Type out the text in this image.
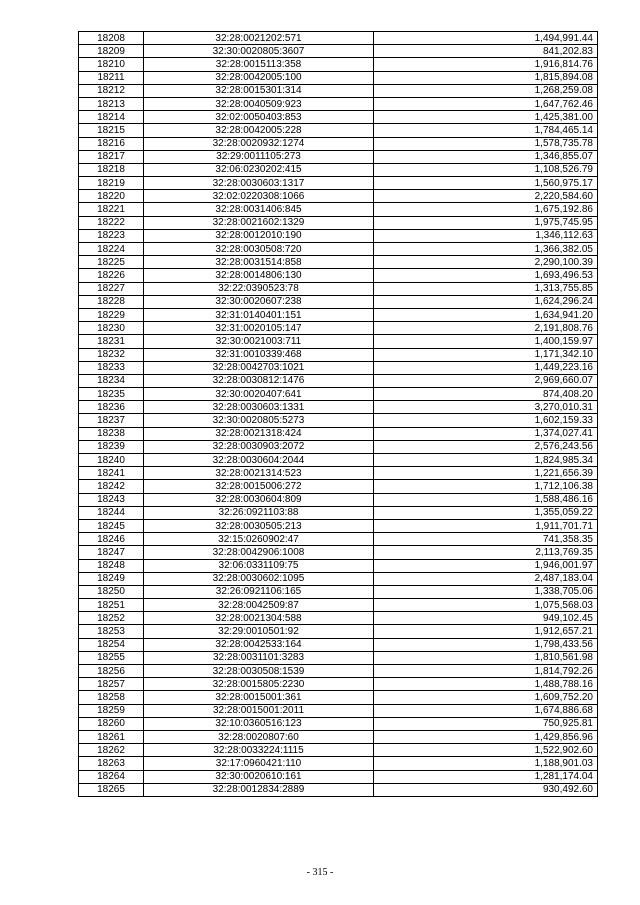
18208	32:28:0021202:571	1,494,991.44
18209	32:30:0020805:3607	841,202.83
18210	32:28:0015113:358	1,916,814.76
18211	32:28:0042005:100	1,815,894.08
18212	32:28:0015301:314	1,268,259.08
18213	32:28:0040509:923	1,647,762.46
18214	32:02:0050403:853	1,425,381.00
18215	32:28:0042005:228	1,784,465.14
18216	32:28:0020932:1274	1,578,735.78
18217	32:29:0011105:273	1,346,855.07
18218	32:06:0230202:415	1,108,526.79
18219	32:28:0030603:1317	1,560,975.17
18220	32:02:0220308:1066	2,220,584.60
18221	32:28:0031406:845	1,675,192.86
18222	32:28:0021602:1329	1,975,745.95
18223	32:28:0012010:190	1,346,112.63
18224	32:28:0030508:720	1,366,382.05
18225	32:28:0031514:858	2,290,100.39
18226	32:28:0014806:130	1,693,496.53
18227	32:22:0390523:78	1,313,755.85
18228	32:30:0020607:238	1,624,296.24
18229	32:31:0140401:151	1,634,941.20
18230	32:31:0020105:147	2,191,808.76
18231	32:30:0021003:711	1,400,159.97
18232	32:31:0010339:468	1,171,342.10
18233	32:28:0042703:1021	1,449,223.16
18234	32:28:0030812:1476	2,969,660.07
18235	32:30:0020407:641	874,408.20
18236	32:28:0030603:1331	3,270,010.31
18237	32:30:0020805:5273	1,602,159.33
18238	32:28:0021318:424	1,374,027.41
18239	32:28:0030903:2072	2,576,243.56
18240	32:28:0030604:2044	1,824,985.34
18241	32:28:0021314:523	1,221,656.39
18242	32:28:0015006:272	1,712,106.38
18243	32:28:0030604:809	1,588,486.16
18244	32:26:0921103:88	1,355,059.22
18245	32:28:0030505:213	1,911,701.71
18246	32:15:0260902:47	741,358.35
18247	32:28:0042906:1008	2,113,769.35
18248	32:06:0331109:75	1,946,001.97
18249	32:28:0030602:1095	2,487,183.04
18250	32:26:0921106:165	1,338,705.06
18251	32:28:0042509:87	1,075,568.03
18252	32:28:0021304:588	949,102.45
18253	32:29:0010501:92	1,912,657.21
18254	32:28:0042533:164	1,798,433.56
18255	32:28:0031101:3283	1,810,561.98
18256	32:28:0030508:1539	1,814,792.26
18257	32:28:0015805:2230	1,488,788.16
18258	32:28:0015001:361	1,609,752.20
18259	32:28:0015001:2011	1,674,886.68
18260	32:10:0360516:123	750,925.81
18261	32:28:0020807:60	1,429,856.96
18262	32:28:0033224:1115	1,522,902.60
18263	32:17:0960421:110	1,188,901.03
18264	32:30:0020610:161	1,281,174.04
18265	32:28:0012834:2889	930,492.60
- 315 -
